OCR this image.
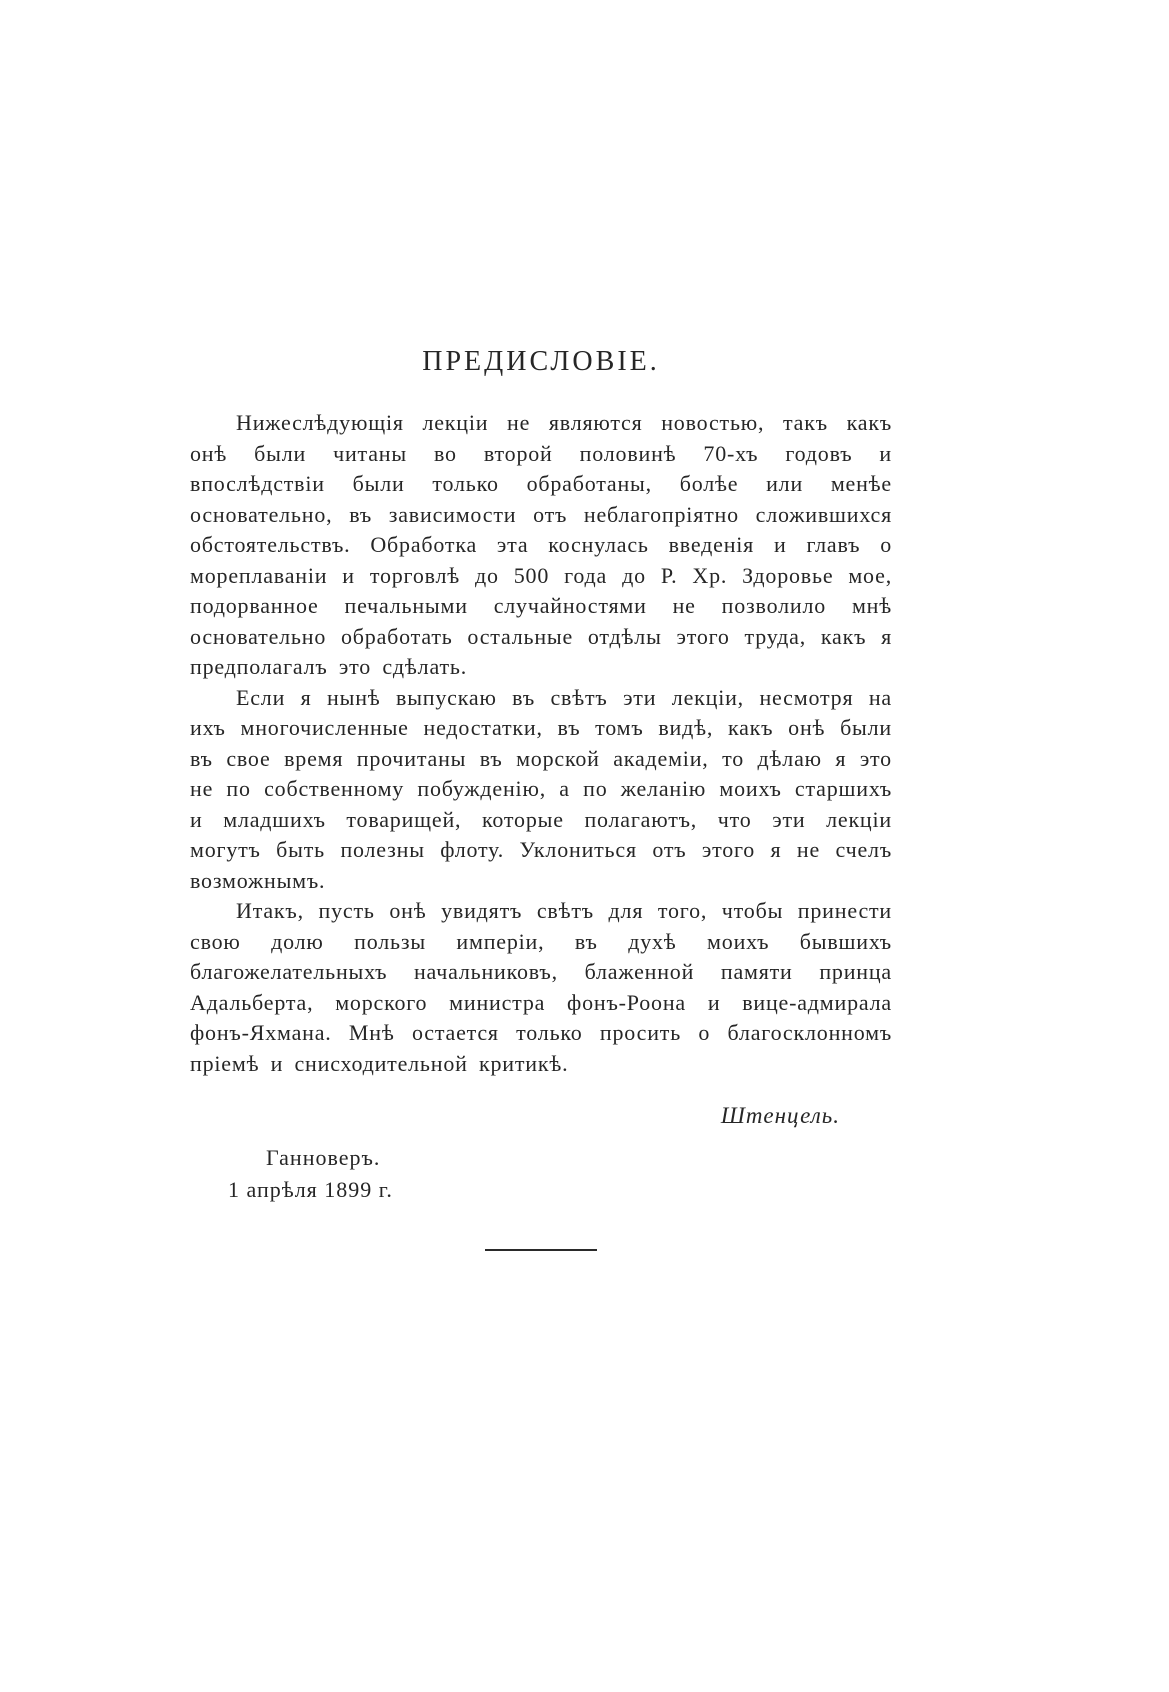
ПРЕДИСЛОВІЕ.

Нижеслѣдующія лекціи не являются новостью, такъ какъ онѣ были читаны во второй половинѣ 70-хъ годовъ и впослѣдствіи были только обработаны, болѣе или менѣе основательно, въ зависимости отъ неблагопріятно сложившихся обстоятельствъ. Обработка эта коснулась введенія и главъ о мореплаваніи и торговлѣ до 500 года до Р. Хр. Здоровье мое, подорванное печальными случайностями не позволило мнѣ основательно обработать остальные отдѣлы этого труда, какъ я предполагалъ это сдѣлать.

Если я нынѣ выпускаю въ свѣтъ эти лекціи, несмотря на ихъ многочисленные недостатки, въ томъ видѣ, какъ онѣ были въ свое время прочитаны въ морской академіи, то дѣлаю я это не по собственному побужденію, а по желанію моихъ старшихъ и младшихъ товарищей, которые полагаютъ, что эти лекціи могутъ быть полезны флоту. Уклониться отъ этого я не счелъ возможнымъ.

Итакъ, пусть онѣ увидятъ свѣтъ для того, чтобы принести свою долю пользы имперіи, въ духѣ моихъ бывшихъ благожелательныхъ начальниковъ, блаженной памяти принца Адальберта, морского министра фонъ-Роона и вице-адмирала фонъ-Яхмана. Мнѣ остается только просить о благосклонномъ пріемѣ и снисходительной критикѣ.

Штенцель.
Ганноверъ.
1 апрѣля 1899 г.
